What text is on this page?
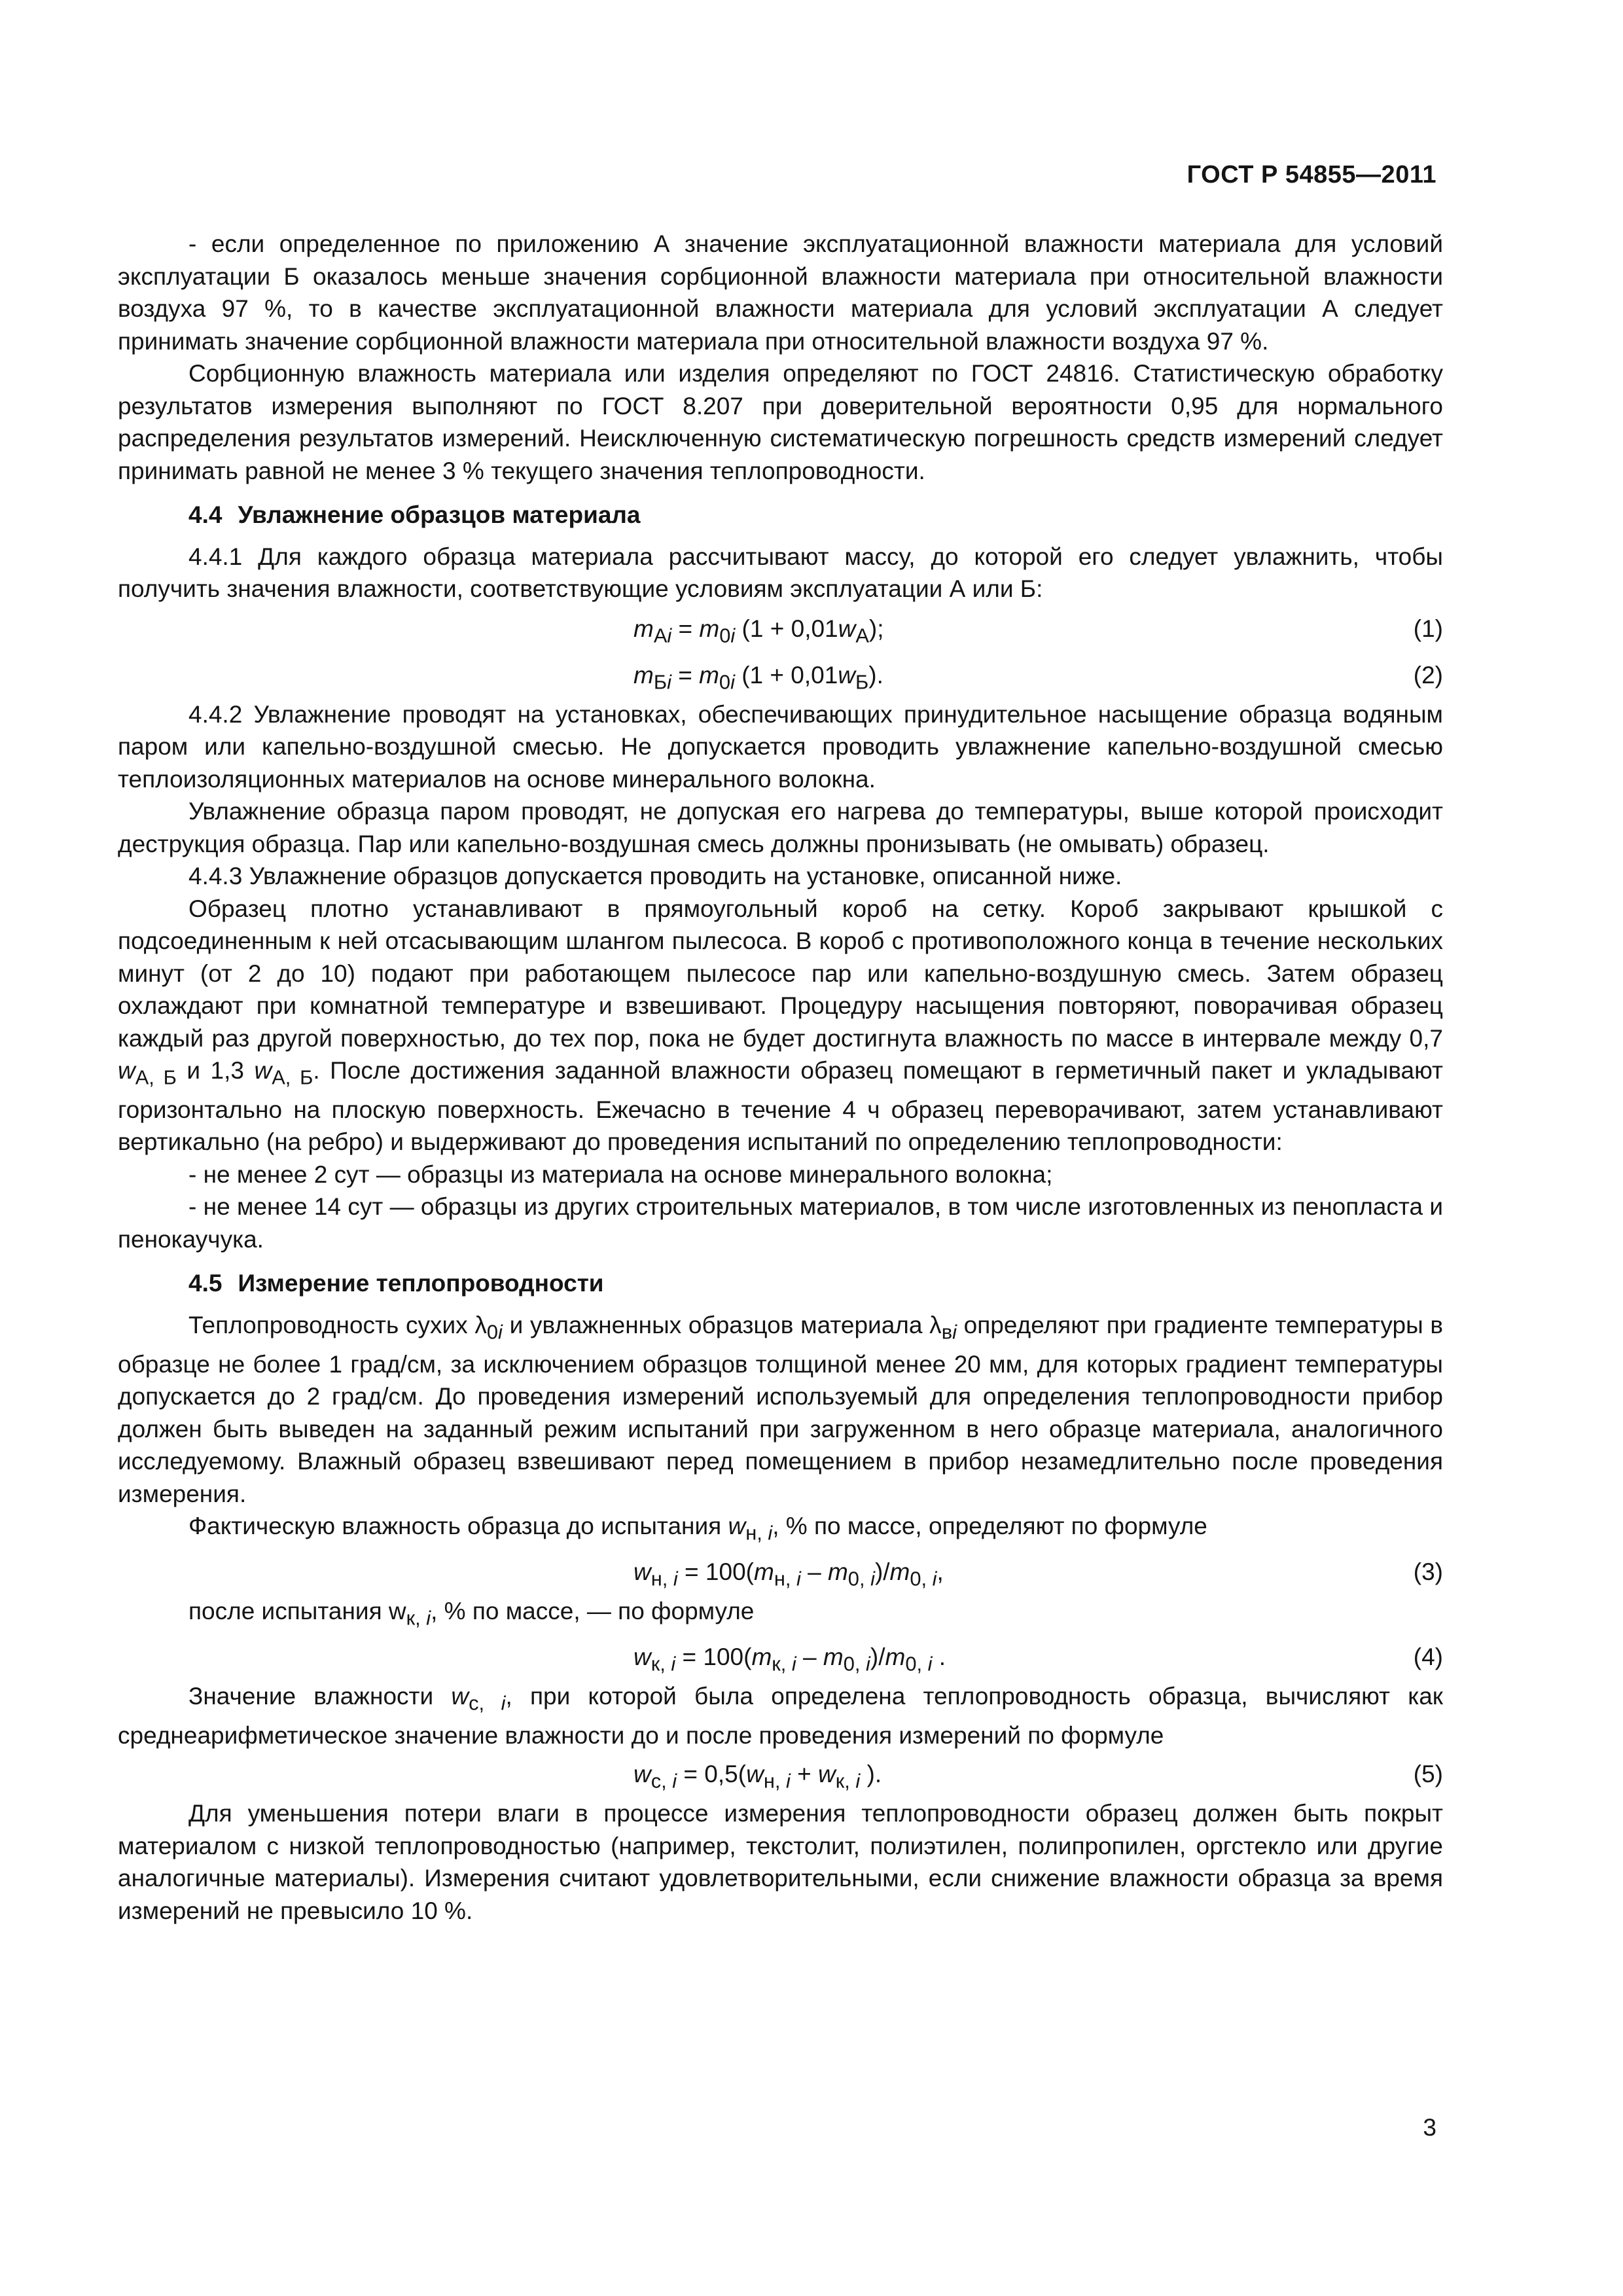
ГОСТ Р 54855—2011

- если определенное по приложению А значение эксплуатационной влажности материала для условий эксплуатации Б оказалось меньше значения сорбционной влажности материала при относительной влажности воздуха 97 %, то в качестве эксплуатационной влажности материала для условий эксплуатации А следует принимать значение сорбционной влажности материала при относительной влажности воздуха 97 %.

Сорбционную влажность материала или изделия определяют по ГОСТ 24816. Статистическую обработку результатов измерения выполняют по ГОСТ 8.207 при доверительной вероятности 0,95 для нормального распределения результатов измерений. Неисключенную систематическую погрешность средств измерений следует принимать равной не менее 3 % текущего значения теплопроводности.

4.4 Увлажнение образцов материала

4.4.1 Для каждого образца материала рассчитывают массу, до которой его следует увлажнить, чтобы получить значения влажности, соответствующие условиям эксплуатации А или Б:

$m_{Аi} = m_{0i}$ $(1 + 0,01w_А)$;	(1)
$m_{Бi} = m_{0i}$ $(1 + 0,01w_Б)$.	(2)

4.4.2 Увлажнение проводят на установках, обеспечивающих принудительное насыщение образца водяным паром или капельно-воздушной смесью. Не допускается проводить увлажнение капельно-воздушной смесью теплоизоляционных материалов на основе минерального волокна.

Увлажнение образца паром проводят, не допуская его нагрева до температуры, выше которой происходит деструкция образца. Пар или капельно-воздушная смесь должны пронизывать (не омывать) образец.

4.4.3 Увлажнение образцов допускается проводить на установке, описанной ниже.

Образец плотно устанавливают в прямоугольный короб на сетку. Короб закрывают крышкой с подсоединенным к ней отсасывающим шлангом пылесоса. В короб с противоположного конца в течение нескольких минут (от 2 до 10) подают при работающем пылесосе пар или капельно-воздушную смесь. Затем образец охлаждают при комнатной температуре и взвешивают. Процедуру насыщения повторяют, поворачивая образец каждый раз другой поверхностью, до тех пор, пока не будет достигнута влажность по массе в интервале между 0,7 $w_{А, Б}$ и 1,3 $w_{А, Б}$. После достижения заданной влажности образец помещают в герметичный пакет и укладывают горизонтально на плоскую поверхность. Ежечасно в течение 4 ч образец переворачивают, затем устанавливают вертикально (на ребро) и выдерживают до проведения испытаний по определению теплопроводности:

- не менее 2 сут — образцы из материала на основе минерального волокна;

- не менее 14 сут — образцы из других строительных материалов, в том числе изготовленных из пенопласта и пенокаучука.

4.5 Измерение теплопроводности

Теплопроводность сухих $\lambda_{0i}$ и увлажненных образцов материала $\lambda_{вi}$ определяют при градиенте температуры в образце не более 1 град/см, за исключением образцов толщиной менее 20 мм, для которых градиент температуры допускается до 2 град/см. До проведения измерений используемый для определения теплопроводности прибор должен быть выведен на заданный режим испытаний при загруженном в него образце материала, аналогичного исследуемому. Влажный образец взвешивают перед помещением в прибор незамедлительно после проведения измерения.

Фактическую влажность образца до испытания $w_{н, i}$, % по массе, определяют по формуле

$w_{н, i} = 100(m_{н, i} - m_{0, i})/m_{0, i}$,	(3)

после испытания $w_{к, i}$, % по массе, — по формуле

$w_{к, i} = 100(m_{к, i} - m_{0, i})/m_{0, i}$ .	(4)

Значение влажности $w_{с, i}$, при которой была определена теплопроводность образца, вычисляют как среднеарифметическое значение влажности до и после проведения измерений по формуле

$w_{с, i} = 0,5(w_{н, i} + w_{к, i}$ ).	(5)

Для уменьшения потери влаги в процессе измерения теплопроводности образец должен быть покрыт материалом с низкой теплопроводностью (например, текстолит, полиэтилен, полипропилен, оргстекло или другие аналогичные материалы). Измерения считают удовлетворительными, если снижение влажности образца за время измерений не превысило 10 %.

3
